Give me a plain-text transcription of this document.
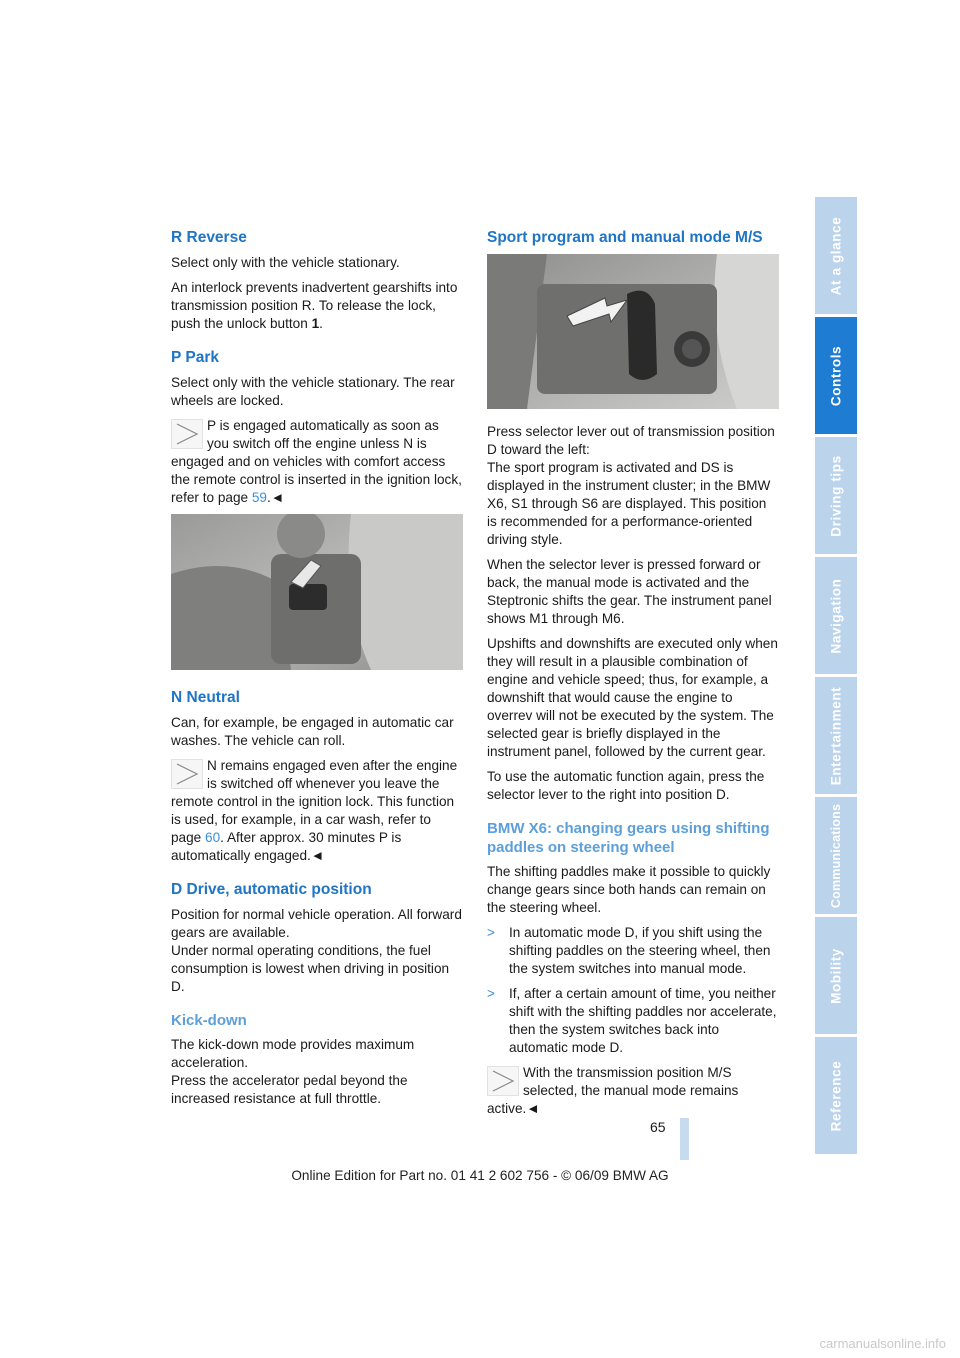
R Reverse

Select only with the vehicle stationary.

An interlock prevents inadvertent gearshifts into transmission position R. To release the lock, push the unlock button 1.

P Park

Select only with the vehicle stationary. The rear wheels are locked.

P is engaged automatically as soon as you switch off the engine unless N is engaged and on vehicles with comfort access the remote control is inserted in the ignition lock, refer to page 59.◄
N Neutral

Can, for example, be engaged in automatic car washes. The vehicle can roll.

N remains engaged even after the engine is switched off whenever you leave the remote control in the ignition lock. This function is used, for example, in a car wash, refer to page 60. After approx. 30 minutes P is automatically engaged.◄
D Drive, automatic position

Position for normal vehicle operation. All forward gears are available.
Under normal operating conditions, the fuel consumption is lowest when driving in position D.

Kick-down

The kick-down mode provides maximum acceleration.
Press the accelerator pedal beyond the increased resistance at full throttle.

Sport program and manual mode M/S

Press selector lever out of transmission position D toward the left:
The sport program is activated and DS is displayed in the instrument cluster; in the BMW X6, S1 through S6 are displayed. This position is recommended for a performance-oriented driving style.

When the selector lever is pressed forward or back, the manual mode is activated and the Steptronic shifts the gear. The instrument panel shows M1 through M6.

Upshifts and downshifts are executed only when they will result in a plausible combination of engine and vehicle speed; thus, for example, a downshift that would cause the engine to overrev will not be executed by the system. The selected gear is briefly displayed in the instrument panel, followed by the current gear.

To use the automatic function again, press the selector lever to the right into position D.

BMW X6: changing gears using shifting paddles on steering wheel

The shifting paddles make it possible to quickly change gears since both hands can remain on the steering wheel.

> In automatic mode D, if you shift using the shifting paddles on the steering wheel, then the system switches into manual mode.
> If, after a certain amount of time, you neither shift with the shifting paddles nor accelerate, then the system switches back into automatic mode D.
With the transmission position M/S selected, the manual mode remains active.◄
At a glance
Controls
Driving tips
Navigation
Entertainment
Communications
Mobility
Reference
65
Online Edition for Part no. 01 41 2 602 756 - © 06/09 BMW AG
carmanualsonline.info
